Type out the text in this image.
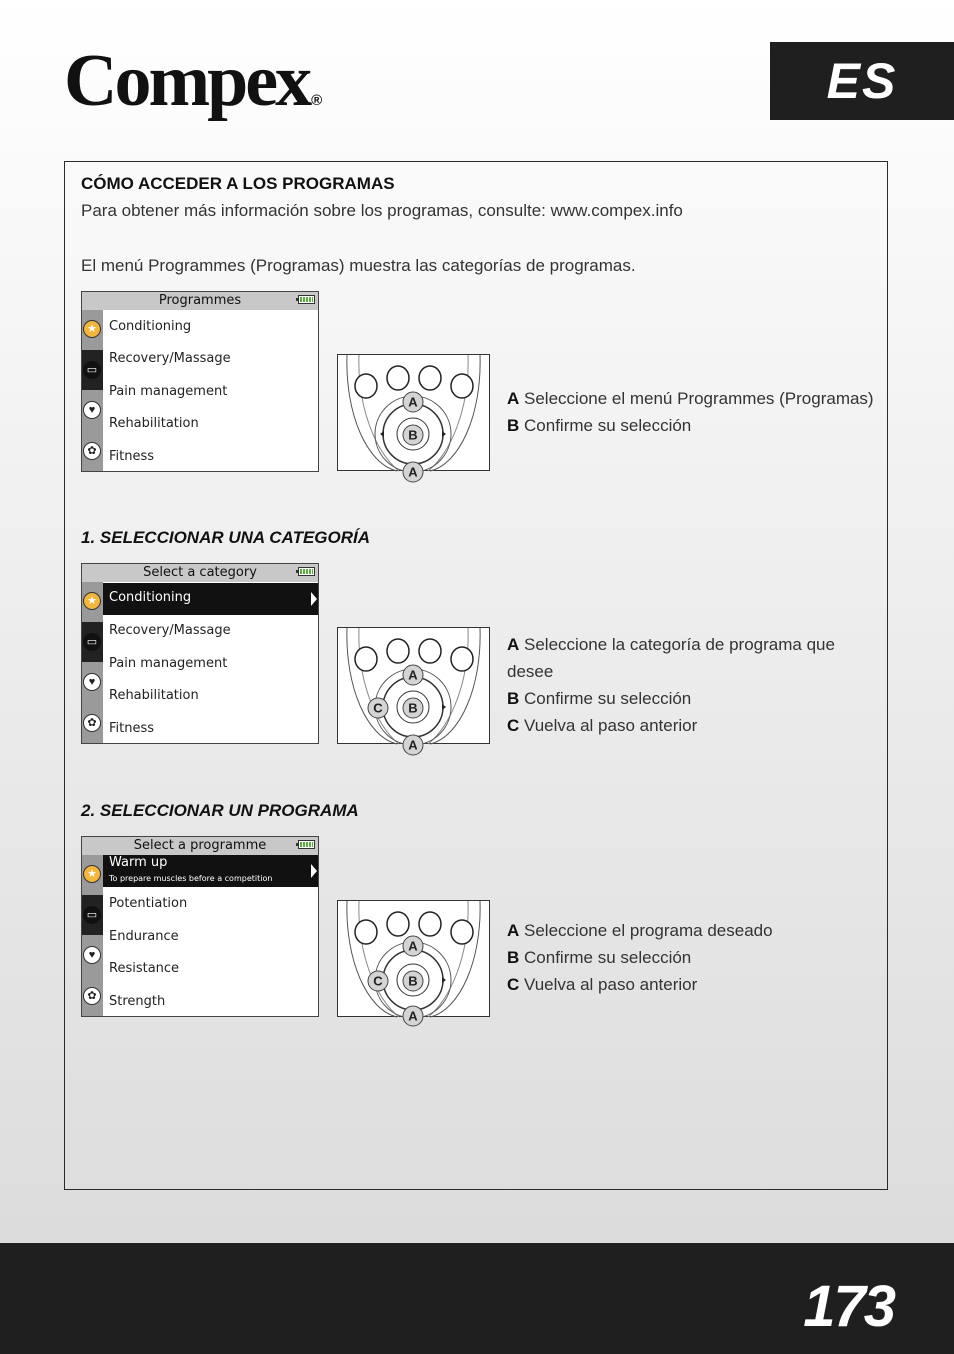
Compex ®	ES
CÓMO ACCEDER A LOS PROGRAMAS
Para obtener más información sobre los programas, consulte: www.compex.info
El menú Programmes (Programas) muestra las categorías de programas.
Programmes
★
▭
♥
✿
Conditioning
Recovery/Massage
Pain management
Rehabilitation
Fitness
A
B
A
A Seleccione el menú Programmes (Programas)
B Confirme su selección
1. SELECCIONAR UNA CATEGORÍA
Select a category
★
▭
♥
✿
Conditioning
Recovery/Massage
Pain management
Rehabilitation
Fitness
A
B
C
A
A Seleccione la categoría de programa que
desee
B Confirme su selección
C Vuelva al paso anterior
2. SELECCIONAR UN PROGRAMA
Select a programme
★
▭
♥
✿
Warm up
To prepare muscles before a competition
Potentiation
Endurance
Resistance
Strength
A
B
C
A
A Seleccione el programa deseado
B Confirme su selección
C Vuelva al paso anterior
173
